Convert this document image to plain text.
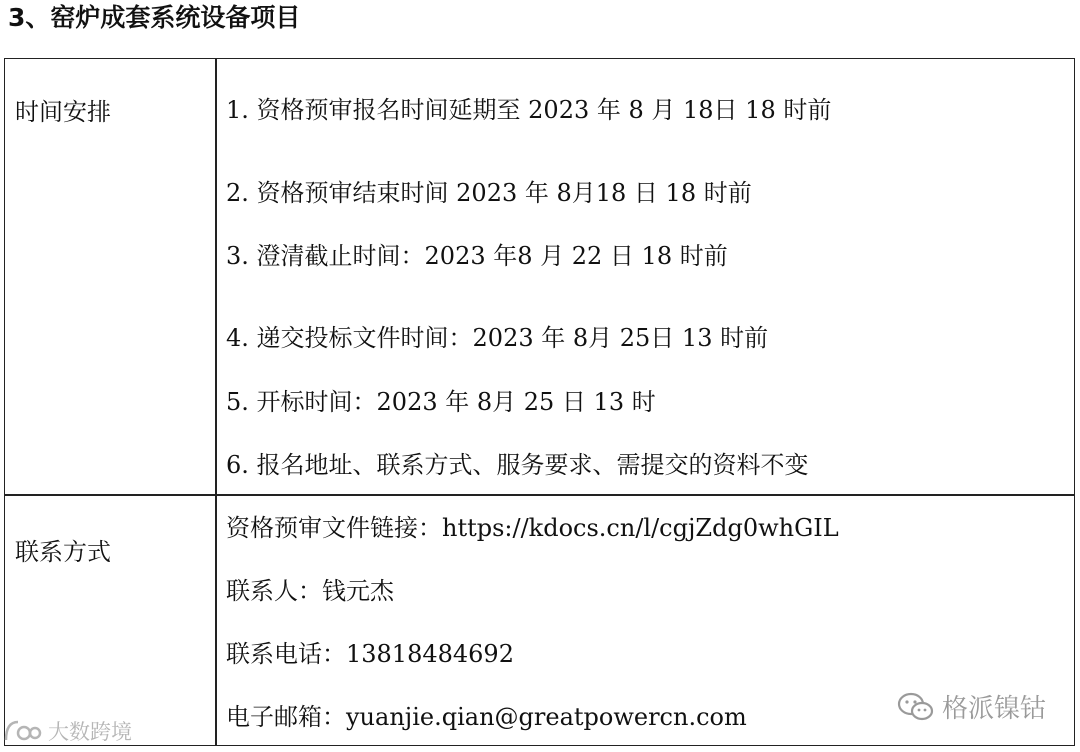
3、窑炉成套系统设备项目
时间安排	1. 资格预审报名时间延期至 2023 年 8 月 18日 18 时前
2. 资格预审结束时间 2023 年 8月18 日 18 时前
3. 澄清截止时间：2023 年8 月 22 日 18 时前
4. 递交投标文件时间：2023 年 8月 25日 13 时前
5. 开标时间：2023 年 8月 25 日 13 时
6. 报名地址、联系方式、服务要求、需提交的资料不变
联系方式
资格预审文件链接：https://kdocs.cn/l/cgjZdg0whGIL
联系人：钱元杰
联系电话：13818484692
电子邮箱：yuanjie.qian@greatpowercn.com
大数跨境
格派镍钴
